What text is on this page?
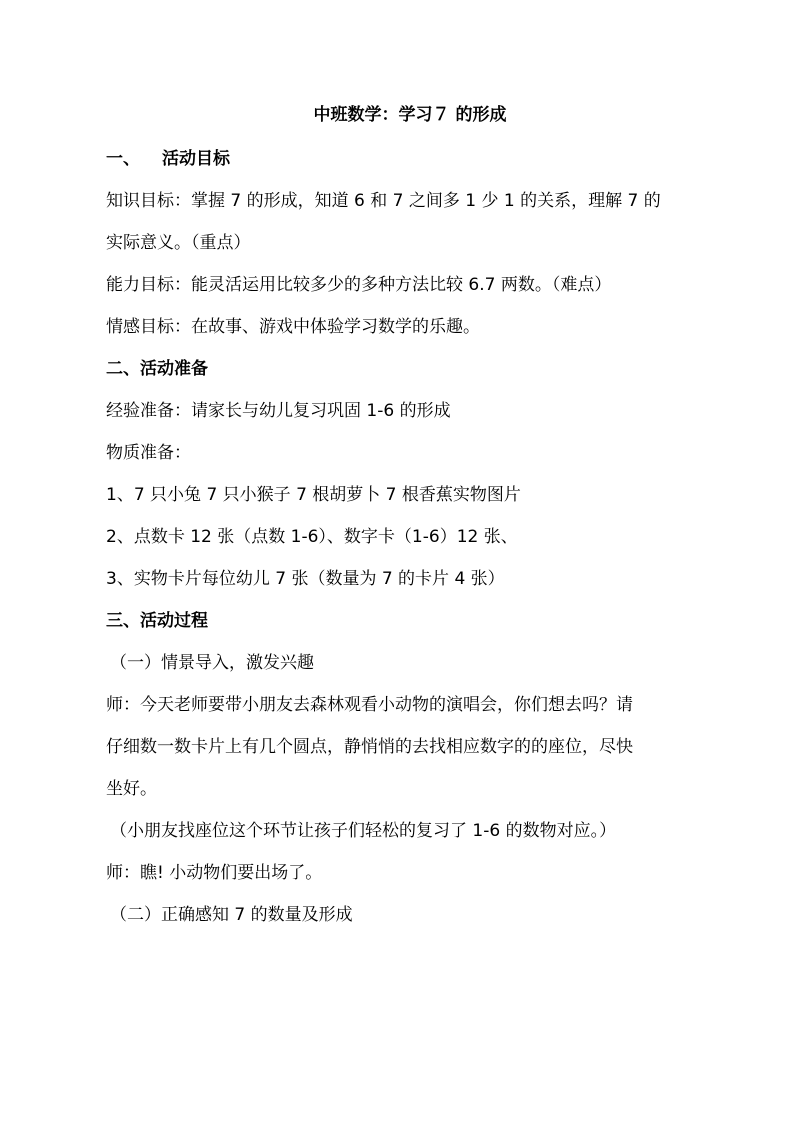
中班数学：学习７ 的形成
一、 活动目标
知识目标：掌握 7 的形成，知道 6 和 7 之间多 1 少 1 的关系，理解 7 的
实际意义。（重点）
能力目标：能灵活运用比较多少的多种方法比较 6.7 两数。（难点）
情感目标：在故事、游戏中体验学习数学的乐趣。
二、活动准备
经验准备：请家长与幼儿复习巩固 1-6 的形成
物质准备：
1、7 只小兔 7 只小猴子 7 根胡萝卜 7 根香蕉实物图片
2、点数卡 12 张（点数 1-6）、数字卡（1-6）12 张、
3、实物卡片每位幼儿 7 张（数量为 7 的卡片 4 张）
三、活动过程
（一）情景导入，激发兴趣
师：今天老师要带小朋友去森林观看小动物的演唱会，你们想去吗？请
仔细数一数卡片上有几个圆点，静悄悄的去找相应数字的的座位，尽快
坐好。
（小朋友找座位这个环节让孩子们轻松的复习了 1-6 的数物对应。）
师：瞧! 小动物们要出场了。
（二）正确感知 7 的数量及形成
